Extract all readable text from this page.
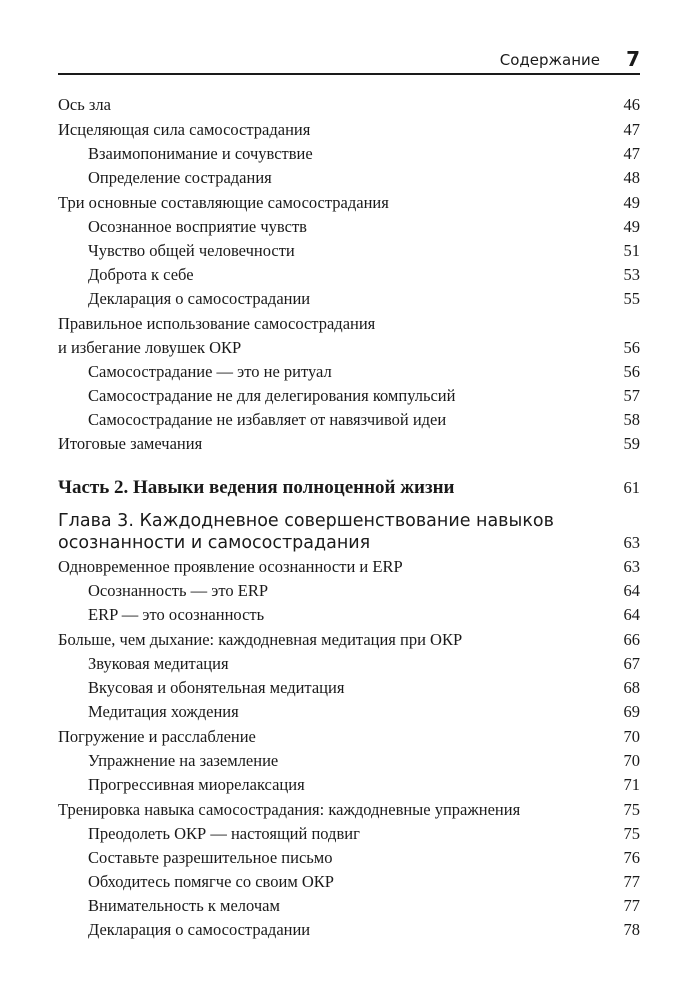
Содержание 7
Ось зла	46
Исцеляющая сила самосострадания	47
Взаимопонимание и сочувствие	47
Определение сострадания	48
Три основные составляющие самосострадания	49
Осознанное восприятие чувств	49
Чувство общей человечности	51
Доброта к себе	53
Декларация о самосострадании	55
Правильное использование самосострадания
и избегание ловушек ОКР	56
Самосострадание — это не ритуал	56
Самосострадание не для делегирования компульсий	57
Самосострадание не избавляет от навязчивой идеи	58
Итоговые замечания	59
Часть 2. Навыки ведения полноценной жизни	61
Глава 3. Каждодневное совершенствование навыков
осознанности и самосострадания	63
Одновременное проявление осознанности и ERP	63
Осознанность — это ERP	64
ERP — это осознанность	64
Больше, чем дыхание: каждодневная медитация при ОКР	66
Звуковая медитация	67
Вкусовая и обонятельная медитация	68
Медитация хождения	69
Погружение и расслабление	70
Упражнение на заземление	70
Прогрессивная миорелаксация	71
Тренировка навыка самосострадания: каждодневные упражнения	75
Преодолеть ОКР — настоящий подвиг	75
Составьте разрешительное письмо	76
Обходитесь помягче со своим ОКР	77
Внимательность к мелочам	77
Декларация о самосострадании	78
